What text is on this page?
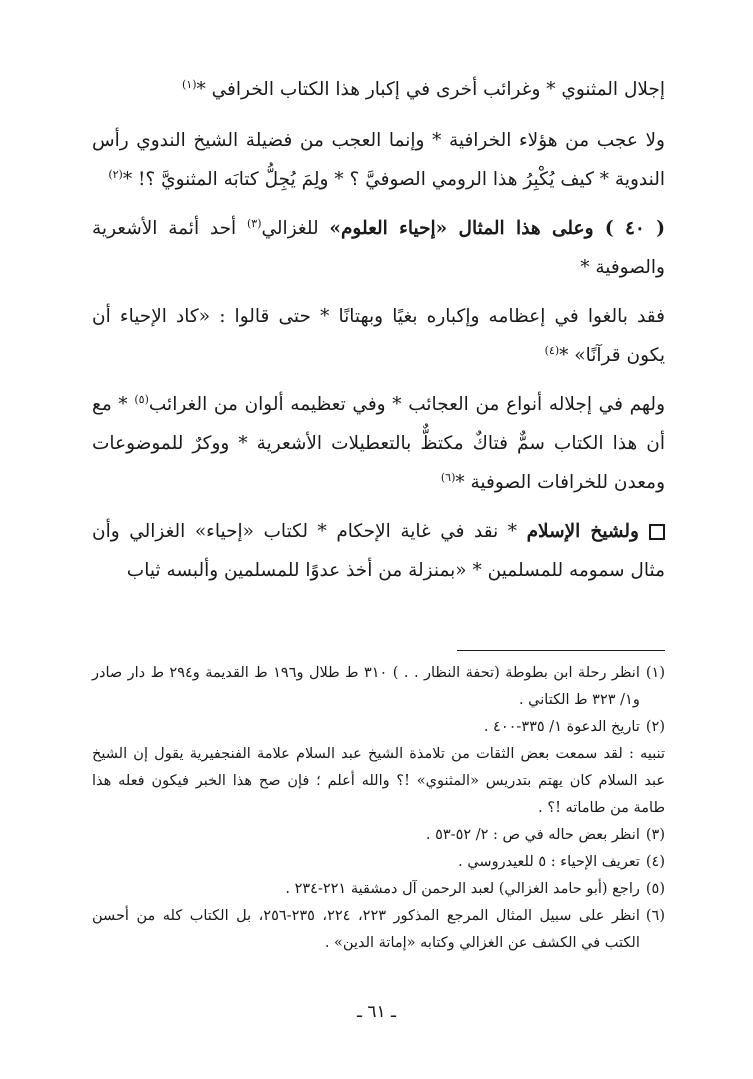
إجلال المثنوي * وغرائب أخرى في إكبار هذا الكتاب الخرافي *$^{(١)}$

ولا عجب من هؤلاء الخرافية * وإنما العجب من فضيلة الشيخ الندوي رأس الندوية * كيف يُكْبِرُ هذا الرومي الصوفيَّ ؟ * ولِمَ يُجِلُّ كتابَه المثنويَّ ؟! *$^{(٢)}$

( ٤٠ ) وعلى هذا المثال «إحياء العلوم» للغزالي$^{(٣)}$ أحد أئمة الأشعرية والصوفية *

فقد بالغوا في إعظامه وإكباره بغيًا وبهتانًا * حتى قالوا : «كاد الإحياء أن يكون قرآنًا» *$^{(٤)}$

ولهم في إجلاله أنواع من العجائب * وفي تعظيمه ألوان من الغرائب$^{(٥)}$ * مع أن هذا الكتاب سمٌّ فتاكٌ مكتظٌّ بالتعطيلات الأشعرية * ووكرٌ للموضوعات ومعدن للخرافات الصوفية *$^{(٦)}$

ولشيخ الإسلام * نقد في غاية الإحكام * لكتاب «إحياء» الغزالي وأن مثال سمومه للمسلمين * «بمنزلة من أخذ عدوًا للمسلمين وألبسه ثياب

(١)
انظر رحلة ابن بطوطة (تحفة النظار . . ) ٣١٠ ط طلال و١٩٦ ط القديمة و٢٩٤ ط دار صادر و١/ ٣٢٣ ط الكتاني .
(٢)
تاريخ الدعوة ١/ ٣٣٥-٤٠٠ .
تنبيه : لقد سمعت بعض الثقات من تلامذة الشيخ عبد السلام علامة الفنجفيرية يقول إن الشيخ عبد السلام كان يهتم بتدريس «المثنوي» !؟ والله أعلم ؛ فإن صح هذا الخبر فيكون فعله هذا طامة من طاماته !؟ .
(٣)
انظر بعض حاله في ص : ٢/ ٥٢-٥٣ .
(٤)
تعريف الإحياء : ٥ للعيدروسي .
(٥)
راجع (أبو حامد الغزالي) لعبد الرحمن آل دمشقية ٢٢١-٢٣٤ .
(٦)
انظر على سبيل المثال المرجع المذكور ٢٢٣، ٢٢٤، ٢٣٥-٢٥٦، بل الكتاب كله من أحسن الكتب في الكشف عن الغزالي وكتابه «إماتة الدين» .
ـ ٦١ ـ
